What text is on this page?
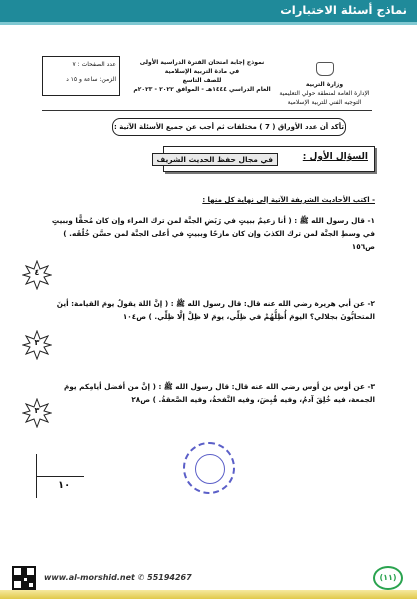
نماذج أسئلة الاختبارات
وزارة التربية
الإدارة العامة لمنطقة حولي التعليمية
التوجيه الفني للتربية الإسلامية
نموذج إجابة امتحان الفترة الدراسية الأولى
في مادة التربية الإسلامية
للصف التاسع
العام الدراسي ١٤٤٤هـ - الموافق ٢٠٢٢ - ٢٠٢٣م
عدد الصفحات : ٧
الزمن: ساعة و ١٥ د
تأكد أن عدد الأوراق ( 7 ) مختلفات ثم أجب عن جميع الأسئلة الآتية :
السؤال الأول :
في مجال حفظ الحديث الشريف
- اكتب الأحاديث الشريفة الآتية إلى نهاية كل منها :
١- قال رسول الله ﷺ : ( أنا زعيمٌ ببيتٍ في رَبَضِ الجنَّة لمن ترك المراء وإن كان مُحقًّا وببيتٍ في وسطِ الجنَّة لمن ترك الكذبَ وإن كان مازحًا وببيتٍ في أعلى الجنَّة لمن حسَّن خُلُقَه. ) ص١٥٦
٤
٢- عن أبي هريرة رضي الله عنه قال: قال رسول الله ﷺ : ( إنَّ اللهَ يقولُ يومَ القيامة: أينَ المتحابُّونَ بجلالي؟ اليومَ أُظِلُّهُمْ في ظِلِّي، يومَ لا ظِلَّ إلَّا ظِلِّي. ) ص١٠٤
٣
٣- عن أوس بن أوس رضي الله عنه قال: قال رسول الله ﷺ : ( إنَّ من أفضل أيامِكم يومَ الجمعة، فيه خُلِقَ آدمُ، وفيه قُبِضَ، وفيه النَّفخةُ، وفيه الصَّعقةُ. ) ص٢٨
٣
١٠
www.al-morshid.net ✆ 55194267	(١١)
